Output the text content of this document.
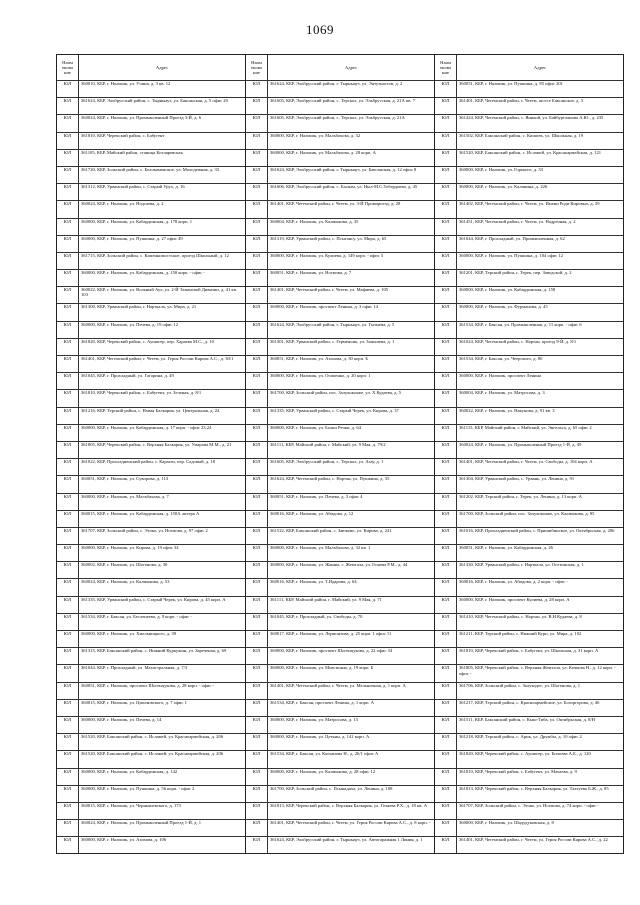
1069
Наим енова ние	Адрес
ЮЛ	360010, КБР, г. Нальчик, ул. Учина, д. 3 кв. 12
ЮЛ	361624, КБР, Эльбрусский район, с. Тырныауз, ул. Баксанская, д. 5 офис 20
ЮЛ	360024, КБР, г. Нальчик, ул. Промышленный Проезд 3-Й, д. 6
ЮЛ	361810, КБР, Черекский район, с. Бабугент
ЮЛ	361105, КБР, Майский район, станица Котляревская
ЮЛ	361720, КБР, Зольский район, с. Белокаменское, ул. Молодежная, д. 33
ЮЛ	361312, КБР, Урванский район, с. Старый Урух, д. 16
ЮЛ	360024, КБР, г. Нальчик, ул. Нодсаева, д. 2
ЮЛ	360000, КБР, г. Нальчик, ул. Кабардинская, д. 178 корп. 1
ЮЛ	360000, КБР, г. Нальчик, ул. Пушкина, д. 27 офис 49
ЮЛ	361715, КБР, Зольский район, с. Каменномостское, проезд Школьный, д. 12
ЮЛ	360000, КБР, г. Нальчик, ул. Кабардинская, д. 150 корп. - офис -
ЮЛ	360022, КБР, г. Нальчик, ул. Вольный Аул, ул. 2-Й Таманской Дивизии, д. 41 кв. 103
ЮЛ	361300, КБР, Урванский район, г. Нарткала, ул. Мира, д. 21
ЮЛ	360000, КБР, г. Нальчик, ул. Печева, д. 19 офис 12
ЮЛ	361820, КБР, Черекский район, с. Аушигер, пер. Хараева М.С., д. 10
ЮЛ	361401, КБР, Чегемский район, г. Чегем, ул. Героя России Кярова А.С., д. 30/1
ЮЛ	361045, КБР, г. Прохладный, ул. Гагарина, д. 49
ЮЛ	361810, КБР, Черекский район, с. Бабугент, ул. Зеленая, д. 8/1
ЮЛ	361216, КБР, Терский район, с. Новая Балкария, ул. Центральная, д. 24
ЮЛ	360000, КБР, г. Нальчик, ул. Кабардинская, д. 17 корп. - офис 23,24
ЮЛ	361805, КБР, Черекский район, с. Верхняя Балкария, ул. Умарова М.М., д. 21
ЮЛ	361022, КБР, Прохладненский район, с. Карагач, пер. Садовый, д. 18
ЮЛ	360051, КБР, г. Нальчик, ул. Суворова, д. 113
ЮЛ	360000, КБР, г. Нальчик, ул. Мальбахова, д. 7
ЮЛ	360015, КБР, г. Нальчик, ул. Кабардинская, д. 150А литера А
ЮЛ	361707, КБР, Зольский район, с. Этоко, ул. Ногмова, д. 97 офис 2
ЮЛ	360000, КБР, г. Нальчик, ул. Кирова, д. 19 офис 34
ЮЛ	360002, КБР, г. Нальчик, ул. Шогенова, д. 30
ЮЛ	360024, КБР, г. Нальчик, ул. Калмыкова, д. 53
ЮЛ	361335, КБР, Урванский район, с. Старый Черек, ул. Кирова, д. 45 корп. А
ЮЛ	361534, КБР, г. Баксан, ул. Бесленеева, д. 9 корп. - офис -
ЮЛ	360000, КБР, г. Нальчик, ул. Хмельницкого, д. 39
ЮЛ	361315, КБР, Баксанский район, с. Нижний Куркужин, ул. Зареченая, д. 69
ЮЛ	361044, КБР, г. Прохладный, ул. Магистральная, д. 7/3
ЮЛ	360051, КБР, г. Нальчик, проспект Шогенцукова, д. 28 корп. - офис -
ЮЛ	360015, КБР, г. Нальчик, ул. Циолковского, д. 7 офис 1
ЮЛ	360000, КБР, г. Нальчик, ул. Печева, д. 14
ЮЛ	361520, КБР, Баксанский район, с. Исламей, ул. Красноармейская, д. 206
ЮЛ	361520, КБР, Баксанский район, с. Исламей, ул. Красноармейская, д. 206
ЮЛ	360000, КБР, г. Нальчик, ул. Кабардинская, д. 142
ЮЛ	360000, КБР, г. Нальчик, ул. Пушкина, д. 56 корп. - офис 2
ЮЛ	360015, КБР, г. Нальчик, ул. Чернышевского, д. 173
ЮЛ	360024, КБР, г. Нальчик, ул. Промышленный Проезд 1-Й, д. 1
ЮЛ	360000, КБР, г. Нальчик, ул. Ахохова, д. 106
Наим енова ние	Адрес
ЮЛ	361624, КБР, Эльбрусский район, г. Тырныауз, ул. Энтузиастов, д. 2
ЮЛ	361605, КБР, Эльбрусский район, с. Терскол, ул. Эльбрусская, д. 21А кв. 7
ЮЛ	361605, КБР, Эльбрусский район, с. Терскол, ул. Эльбрусская, д. 21А
ЮЛ	360000, КБР, г. Нальчик, ул. Мальбахова, д. 32
ЮЛ	360000, КБР, г. Нальчик, ул. Мальбахова, д. 28 корп. А
ЮЛ	361624, КБР, Эльбрусский район, г. Тырныауз, ул. Баксанская, д. 12 офис 8
ЮЛ	361606, КБР, Эльбрусский район, с. Былым, ул. Ныл-М.С.Тебердиева, д. 45
ЮЛ	361401, КБР, Чегемский район, г. Чегем, ул. 3-Й Промпроезд, д. 28
ЮЛ	360004, КБР, г. Нальчик, ул. Калмыкова, д. 35
ЮЛ	361319, КБР, Урванский район, с. Псыгансу, ул. Мира, д. 65
ЮЛ	360000, КБР, г. Нальчик, ул. Кулиева, д. 149 корп. - офис 3
ЮЛ	360051, КБР, г. Нальчик, ул. Ногмова, д. 7
ЮЛ	361401, КБР, Чегемский район, г. Чегем, ул. Мафиева, д. 105
ЮЛ	360000, КБР, г. Нальчик, проспект Ленина, д. 3 офис 14
ЮЛ	361624, КБР, Эльбрусский район, г. Тырныауз, ул. Гызыева, д. 5
ЮЛ	361301, КБР, Урванский район, с. Герменчик, ул. Зашхиева, д. 1
ЮЛ	360051, КБР, г. Нальчик, ул. Ахохова, д. 30 корп. Б
ЮЛ	360000, КБР, г. Нальчик, ул. Осипенко, д. 20 корп. 1
ЮЛ	361700, КБР, Зольский район, пос. Залукокоаже, ул. Х.Кудаева, д. 5
ЮЛ	361335, КБР, Урванский район, с. Старый Черек, ул. Кирова, д. 37
ЮЛ	360000, КБР, г. Нальчик, ул. Балки Речки, д. 64
ЮЛ	361111, КБР, Майский район, г. Майский, ул. 9 Мая, д. 79/2
ЮЛ	361605, КБР, Эльбрусский район, с. Терскол, ул. Азау, д. 1
ЮЛ	361624, КБР, Чегемский район, с. Нартан, ул. Пушкина, д. 35
ЮЛ	360051, КБР, г. Нальчик, ул. Печева, д. 3 офис 4
ЮЛ	360016, КБР, г. Нальчик, ул. Абидова, д. 12
ЮЛ	361522, КБР, Баксанский район, с. Заюково, ул. Кирова, д. 241
ЮЛ	360000, КБР, г. Нальчик, ул. Мальбахова, д. 32 кв. 1
ЮЛ	360000, КБР, г. Нальчик, ул. Жанны, с. Жемтала, ул. Гешева Р.М., д. 44
ЮЛ	360016, КБР, г. Нальчик, ул. Т.Идарова, д. 64
ЮЛ	361111, КБР, Майский район, г. Майский, ул. 9 Мая, д. 71
ЮЛ	361045, КБР, г. Прохладный, ул. Свободы, д. 70
ЮЛ	360017, КБР, г. Нальчик, ул. Лермонтова, д. 25 корп. 1 офис 11
ЮЛ	360000, КБР, г. Нальчик, проспект Шогенцукова, д. 22 офис 34
ЮЛ	360000, КБР, г. Нальчик, ул. Мовсисяна, д. 19 корп. Б
ЮЛ	361401, КБР, Чегемский район, г. Чегем, ул. Мельничная, д. 1 корп. А
ЮЛ	361534, КБР, г. Баксан, проспект Ленина, д. 1 корп. А
ЮЛ	360000, КБР, г. Нальчик, ул. Матросова, д. 13
ЮЛ	360000, КБР, г. Нальчик, ул. Цеткин, д. 141 корп. А
ЮЛ	361534, КБР, г. Баксан, ул. Катханова Н., д. 26/1 офис А
ЮЛ	360000, КБР, г. Нальчик, ул. Калмыкова, д. 28 офис 12
ЮЛ	361700, КБР, Зольский район, с. Псынадаха, ул. Ленина, д. 108
ЮЛ	361813, КБР, Черекский район, с. Верхняя Балкария, ул. Геляева Р.Х., д. 18 кв. А
ЮЛ	361401, КБР, Чегемский район, г. Чегем, ул. Героя России Кярова А.С., д. 8 корп. -
ЮЛ	361624, КБР, Эльбрусский район, г. Тырныауз, ул. Автогаражная 1 Линия, д. 1
Наим енова ние	Адрес
ЮЛ	360051, КБР, г. Нальчик, ул. Пушкина, д. 85 офис 201
ЮЛ	361401, КБР, Чегемский район, г. Чегем, шоссе Баксанское, д. 3
ЮЛ	361424, КБР, Чегемский район, с. Яникой, ул. Байбуртланова А.Ю., д. 235
ЮЛ	361502, КБР, Баксанский район, с. Кишпек, ул. Школьная, д. 19
ЮЛ	361520, КБР, Баксанский район, с. Исламей, ул. Красноармейская, д. 121
ЮЛ	360000, КБР, г. Нальчик, ул. Горького, д. 33
ЮЛ	360000, КБР, г. Нальчик, ул. Калинина, д. 226
ЮЛ	361402, КБР, Чегемский район, г. Чегем, ул. Имени Роди Кировых, д. 29
ЮЛ	361451, КБР, Чегемский район, г. Чегем, ул. Надречная, д. 2
ЮЛ	361044, КБР, г. Прохладный, ул. Промышленная, д. 62
ЮЛ	360000, КБР, г. Нальчик, ул. Пушкина, д. 104 офис 12
ЮЛ	361201, КБР, Терский район, г. Терек, пер. Заводской, д. 2
ЮЛ	360000, КБР, г. Нальчик, ул. Кабардинская, д. 158
ЮЛ	360000, КБР, г. Нальчик, ул. Фурманова, д. 45
ЮЛ	361534, КБР, г. Баксан, ул. Промышленная, д. 11 корп. - офис 6
ЮЛ	361024, КБР, Чегемский район, с. Нартан, проезд 9-Й, д. 8/1
ЮЛ	361534, КБР, г. Баксан, ул. Чеерского, д. 80
ЮЛ	360000, КБР, г. Нальчик, проспект Ленина
ЮЛ	360004, КБР, г. Нальчик, ул. Матросова, д. 3
ЮЛ	360022, КБР, г. Нальчик, ул. Накунова, д. 91 кв. 3
ЮЛ	361115, КБР, Майский район, г. Майский, ул. Энгельса, д. 65 офис 2
ЮЛ	360024, КБР, г. Нальчик, ул. Промышленный Проезд 1-Й, д. 49
ЮЛ	361401, КБР, Чегемский район, г. Чегем, ул. Свободы, д. 104 корп. А
ЮЛ	361304, КБР, Урванский район, с. Урвань, ул. Ленина, д. 91
ЮЛ	361202, КБР, Терский район, г. Терек, ул. Ленина, д. 13 корп. А
ЮЛ	361700, КБР, Зольский район, пос. Залукокоаже, ул. Калмыкова, д. 85
ЮЛ	361016, КБР, Прохладненский район, с. Пришибинское, ул. Октябрьская, д. 206
ЮЛ	360051, КБР, г. Нальчик, ул. Кабардинская, д. 26
ЮЛ	361330, КБР, Урванский район, г. Нарткала, ул. Осетинская, д. 1
ЮЛ	360016, КБР, г. Нальчик, ул. Абидова, д. 2 корп. - офис -
ЮЛ	360000, КБР, г. Нальчик, проспект Кулиева, д. 28 корп. А
ЮЛ	361410, КБР, Чегемский район, с. Нартан, ул. В.Н.Кудаева, д. 8
ЮЛ	361211, КБР, Терский район, с. Нижний Курп, ул. Мира, д. 102
ЮЛ	361810, КБР, Черекский район, с. Бабугент, ул. Школьная, д. 31 корп. А
ЮЛ	361805, КБР, Черекский район, с. Верхняя Жемтала, ул. Кочкова Н., д. 12 корп. - офис -
ЮЛ	361706, КБР, Зольский район, с. Залукодес, ул. Шогенова, д. 1
ЮЛ	361217, КБР, Терский район, с. Красноармейское, ул. Бозоргорова, д. 46
ЮЛ	361511, КБР, Баксанский район, с. Кыш-Тиба, ул. Октябрьская, д. 8/Н
ЮЛ	361218, КБР, Терский район, с. Арик, ул. Дружбы, д. 10 офис 2
ЮЛ	361820, КБР, Черекский район, с. Аушигер, ул. Бичоева А.Б., д. 120
ЮЛ	361810, КБР, Черекский район, с. Бабугент, ул. Мачаева, д. 9
ЮЛ	361813, КБР, Черекский район, с. Верхняя Балкария, ул. Тахтуева Б.Ж., д. 85
ЮЛ	361707, КБР, Зольский район, с. Этоко, ул. Ногмова, д. 74 корп. - офис -
ЮЛ	360000, КБР, г. Нальчик, ул. Шадудуковская, д. 8
ЮЛ	361401, КБР, Чегемский район, г. Чегем, ул. Героя России Кярова А.С., д. 22
